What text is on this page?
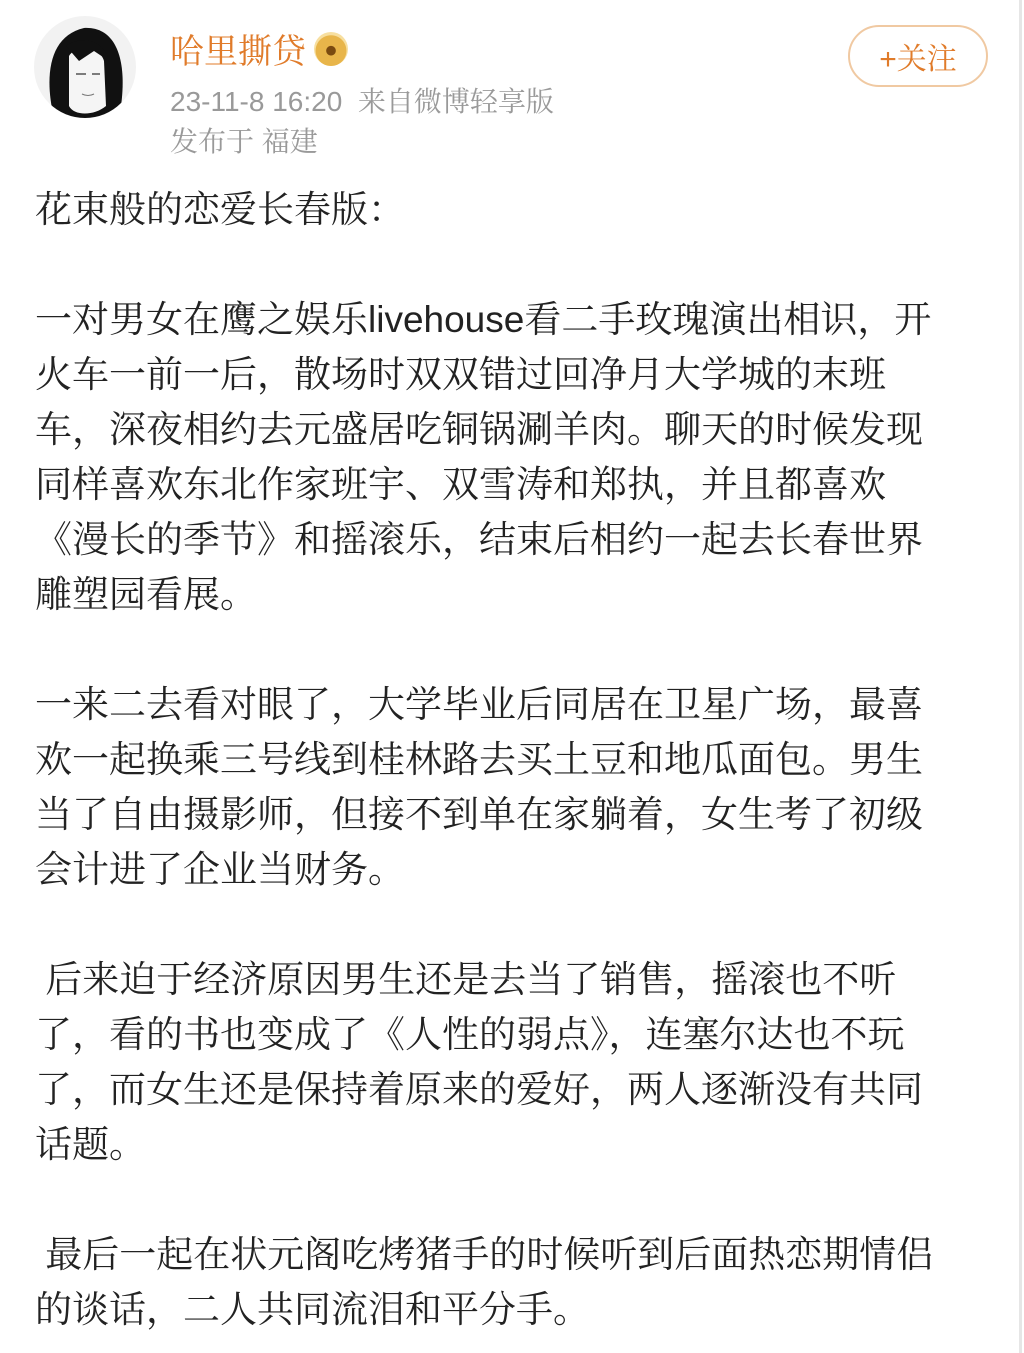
哈里撕贷
23-11-8 16:20 来自微博轻享版
发布于 福建
+关注
花束般的恋爱长春版：
一对男女在鹰之娱乐livehouse看二手玫瑰演出相识，开
火车一前一后，散场时双双错过回净月大学城的末班
车，深夜相约去元盛居吃铜锅涮羊肉。聊天的时候发现
同样喜欢东北作家班宇、双雪涛和郑执，并且都喜欢
《漫长的季节》和摇滚乐，结束后相约一起去长春世界
雕塑园看展。
一来二去看对眼了，大学毕业后同居在卫星广场，最喜
欢一起换乘三号线到桂林路去买土豆和地瓜面包。男生
当了自由摄影师，但接不到单在家躺着，女生考了初级
会计进了企业当财务。
后来迫于经济原因男生还是去当了销售，摇滚也不听
了，看的书也变成了《人性的弱点》，连塞尔达也不玩
了，而女生还是保持着原来的爱好，两人逐渐没有共同
话题。
最后一起在状元阁吃烤猪手的时候听到后面热恋期情侣
的谈话，二人共同流泪和平分手。
